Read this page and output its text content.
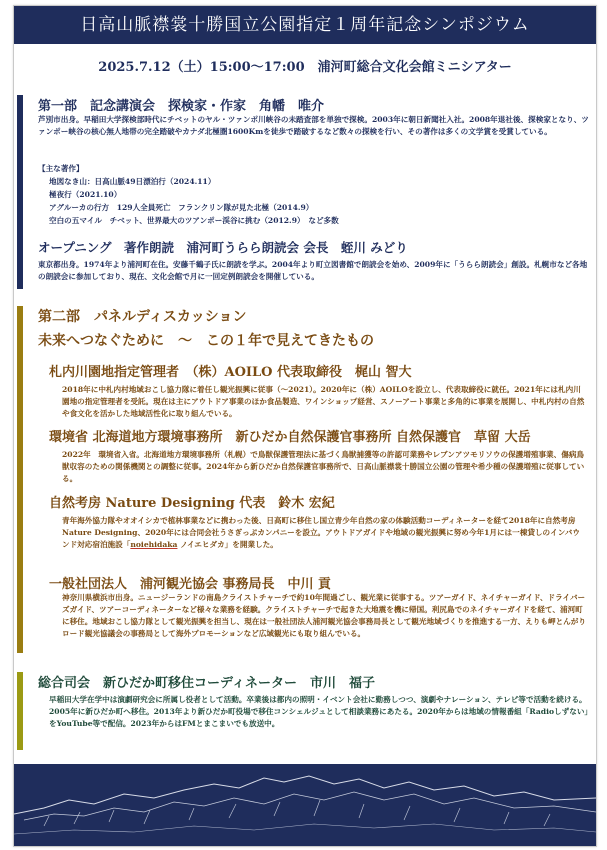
日高山脈襟裳十勝国立公園指定１周年記念シンポジウム
2025.7.12（土）15:00〜17:00　浦河町総合文化会館ミニシアター
第一部　記念講演会　探検家・作家　角幡　唯介
芦別市出身。早稲田大学探検部時代にチベットのヤル・ツァンポ川峡谷の未踏査部を単独で探検。2003年に朝日新聞社入社。2008年退社後、探検家となり、ツァンポー峡谷の核心無人地帯の完全踏破やカナダ北極圏1600Kmを徒歩で踏破するなど数々の探検を行い、その著作は多くの文学賞を受賞している。
【主な著作】
地図なき山：日高山脈49日漂泊行（2024.11）
極夜行（2021.10）
アグルーカの行方　129人全員死亡　フランクリン隊が見た北極（2014.9）
空白の五マイル　チベット、世界最大のツアンポー渓谷に挑む（2012.9）　など多数
オープニング　著作朗読　浦河町うらら朗読会 会長　蛭川 みどり
東京都出身。1974年より浦河町在住。安藤千鶴子氏に朗読を学ぶ。2004年より町立図書館で朗読会を始め、2009年に「うらら朗読会」創設。札幌市など各地の朗読会に参加しており、現在、文化会館で月に一回定例朗読会を開催している。
第二部　パネルディスカッション
未来へつなぐために　〜　この１年で見えてきたもの
札内川園地指定管理者　（株）AOILO 代表取締役　梶山 智大
2018年に中札内村地域おこし協力隊に着任し観光振興に従事（〜2021）。2020年に（株）AOILOを設立し、代表取締役に就任。2021年には札内川園地の指定管理者を受託。現在は主にアウトドア事業のほか食品製造、ワインショップ経営、スノーアート事業と多角的に事業を展開し、中札内村の自然や食文化を活かした地域活性化に取り組んでいる。
環境省 北海道地方環境事務所　新ひだか自然保護官事務所 自然保護官　草留 大岳
2022年　環境省入省。北海道地方環境事務所（札幌）で鳥獣保護管理法に基づく鳥獣捕獲等の許認可業務やレブンアツモリソウの保護増殖事業、傷病鳥獣収容のための関係機関との調整に従事。2024年から新ひだか自然保護官事務所で、日高山脈襟裳十勝国立公園の管理や希少種の保護増殖に従事している。
自然考房 Nature Designing 代表　鈴木 宏紀
青年海外協力隊やオオイシカで植林事業などに携わった後、日高町に移住し国立青少年自然の家の体験活動コーディネーターを経て2018年に自然考房 Nature Designing、2020年には合同会社うさぎっぷカンパニーを設立。アウトドアガイドや地域の観光振興に努め今年1月には一棟貸しのインバウンド対応宿泊施設「noiehidaka ノイエヒダカ」を開業した。
一般社団法人　浦河観光協会 事務局長　中川 貢
神奈川県横浜市出身。ニュージーランドの南島クライストチャーチで約10年間過ごし、観光業に従事する。ツアーガイド、ネイチャーガイド、ドライバーズガイド、ツアーコーディネーターなど様々な業務を経験。クライストチャーチで起きた大地震を機に帰国。利尻島でのネイチャーガイドを経て、浦河町に移住。地域おこし協力隊として観光振興を担当し、現在は一般社団法人浦河観光協会事務局長として観光地域づくりを推進する一方、えりも岬とんがりロード観光協議会の事務局として海外プロモーションなど広域観光にも取り組んでいる。
総合司会　新ひだか町移住コーディネーター　市川　福子
早稲田大学在学中は演劇研究会に所属し役者として活動。卒業後は都内の照明・イベント会社に勤務しつつ、演劇やナレーション、テレビ等で活動を続ける。2005年に新ひだか町へ移住。2013年より新ひだか町役場で移住コンシェルジュとして相談業務にあたる。2020年からは地域の情報番組「Radioしずない」をYouTube等で配信。2023年からはFMとまこまいでも放送中。
